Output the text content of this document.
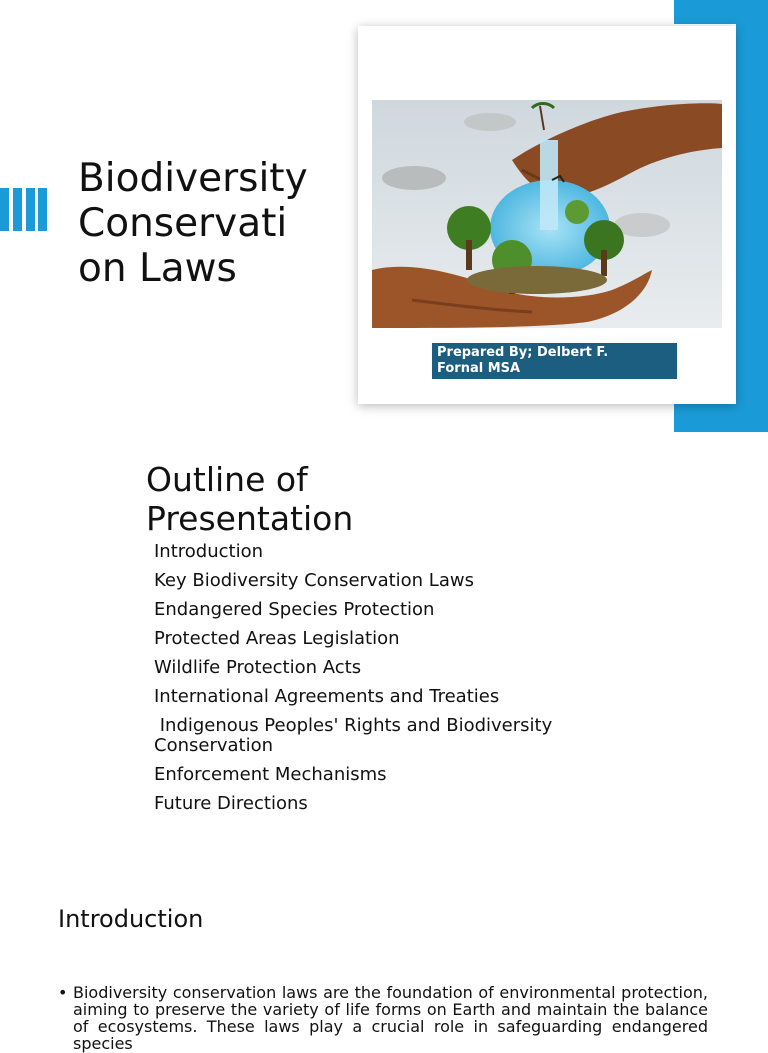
Biodiversity Conservati on Laws
Prepared By; Delbert F.
Fornal MSA
Outline of Presentation
Introduction
Key Biodiversity Conservation Laws
Endangered Species Protection
Protected Areas Legislation
Wildlife Protection Acts
International Agreements and Treaties
Indigenous Peoples' Rights and Biodiversity Conservation
Enforcement Mechanisms
Future Directions
Introduction

• Biodiversity conservation laws are the foundation of environmental protection, aiming to preserve the variety of life forms on Earth and maintain the balance of ecosystems. These laws play a crucial role in safeguarding endangered species
